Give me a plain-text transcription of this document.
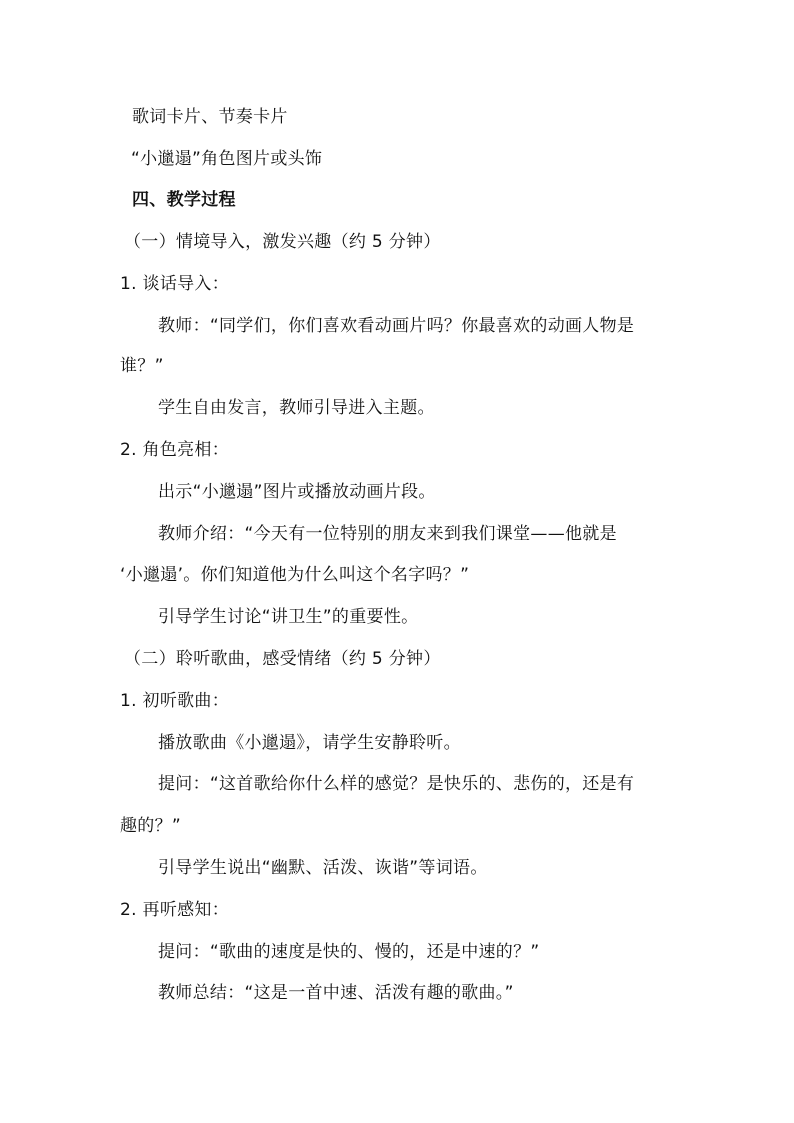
歌词卡片、节奏卡片
“小邋遢”角色图片或头饰
四、教学过程
（一）情境导入，激发兴趣（约 5 分钟）
1. 谈话导入：
教师：“同学们，你们喜欢看动画片吗？你最喜欢的动画人物是
谁？”
学生自由发言，教师引导进入主题。
2. 角色亮相：
出示“小邋遢”图片或播放动画片段。
教师介绍：“今天有一位特别的朋友来到我们课堂——他就是
‘小邋遢’。你们知道他为什么叫这个名字吗？”
引导学生讨论“讲卫生”的重要性。
（二）聆听歌曲，感受情绪（约 5 分钟）
1. 初听歌曲：
播放歌曲《小邋遢》，请学生安静聆听。
提问：“这首歌给你什么样的感觉？是快乐的、悲伤的，还是有
趣的？”
引导学生说出“幽默、活泼、诙谐”等词语。
2. 再听感知：
提问：“歌曲的速度是快的、慢的，还是中速的？”
教师总结：“这是一首中速、活泼有趣的歌曲。”
